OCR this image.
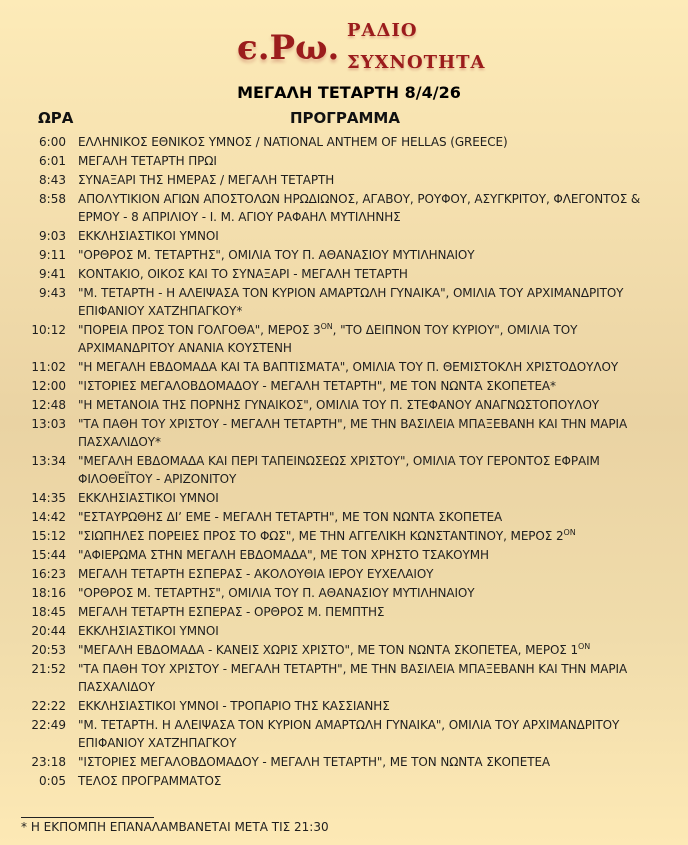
ϵ.Ρω. ΡΑΔΙΟ
ΣΥΧΝΟΤΗΤΑ
ΜΕΓΑΛΗ ΤΕΤΑΡΤΗ 8/4/26
ΩΡΑ	ΠΡΟΓΡΑΜΜΑ
6:00 ΕΛΛΗΝΙΚΟΣ ΕΘΝΙΚΟΣ ΥΜΝΟΣ / NATIONAL ANTHEM OF HELLAS (GREECE)
6:01 ΜΕΓΑΛΗ ΤΕΤΑΡΤΗ ΠΡΩΙ
8:43 ΣΥΝΑΞΑΡΙ ΤΗΣ ΗΜΕΡΑΣ / ΜΕΓΑΛΗ ΤΕΤΑΡΤΗ
8:58 ΑΠΟΛΥΤΙΚΙΟΝ ΑΓΙΩΝ ΑΠΟΣΤΟΛΩΝ ΗΡΩΔΙΩΝΟΣ, ΑΓΑΒΟΥ, ΡΟΥΦΟΥ, ΑΣΥΓΚΡΙΤΟΥ, ΦΛΕΓΟΝΤΟΣ & ΕΡΜΟΥ - 8 ΑΠΡΙΛΙΟΥ - Ι. Μ. ΑΓΙΟΥ ΡΑΦΑΗΛ ΜΥΤΙΛΗΝΗΣ
9:03 ΕΚΚΛΗΣΙΑΣΤΙΚΟΙ ΥΜΝΟΙ
9:11 "ΟΡΘΡΟΣ Μ. ΤΕΤΑΡΤΗΣ", ΟΜΙΛΙΑ ΤΟΥ Π. ΑΘΑΝΑΣΙΟΥ ΜΥΤΙΛΗΝΑΙΟΥ
9:41 ΚΟΝΤΑΚΙΟ, ΟΙΚΟΣ ΚΑΙ ΤΟ ΣΥΝΑΞΑΡΙ - ΜΕΓΑΛΗ ΤΕΤΑΡΤΗ
9:43 "Μ. ΤΕΤΑΡΤΗ - Η ΑΛΕΙΨΑΣΑ ΤΟΝ ΚΥΡΙΟΝ ΑΜΑΡΤΩΛΗ ΓΥΝΑΙΚΑ", ΟΜΙΛΙΑ ΤΟΥ ΑΡΧΙΜΑΝΔΡΙΤΟΥ ΕΠΙΦΑΝΙΟΥ ΧΑΤΖΗΠΑΓΚΟΥ*
10:12 "ΠΟΡΕΙΑ ΠΡΟΣ ΤΟΝ ΓΟΛΓΟΘΑ", ΜΕΡΟΣ $3^{ON}$, "ΤΟ ΔΕΙΠΝΟΝ ΤΟΥ ΚΥΡΙΟΥ", ΟΜΙΛΙΑ ΤΟΥ ΑΡΧΙΜΑΝΔΡΙΤΟΥ ΑΝΑΝΙΑ ΚΟΥΣΤΕΝΗ
11:02 "Η ΜΕΓΑΛΗ ΕΒΔΟΜΑΔΑ ΚΑΙ ΤΑ ΒΑΠΤΙΣΜΑΤΑ", ΟΜΙΛΙΑ ΤΟΥ Π. ΘΕΜΙΣΤΟΚΛΗ ΧΡΙΣΤΟΔΟΥΛΟΥ
12:00 "ΙΣΤΟΡΙΕΣ ΜΕΓΑΛΟΒΔΟΜΑΔΟΥ - ΜΕΓΑΛΗ ΤΕΤΑΡΤΗ", ΜΕ ΤΟΝ ΝΩΝΤΑ ΣΚΟΠΕΤΕΑ*
12:48 "Η ΜΕΤΑΝΟΙΑ ΤΗΣ ΠΟΡΝΗΣ ΓΥΝΑΙΚΟΣ", ΟΜΙΛΙΑ ΤΟΥ Π. ΣΤΕΦΑΝΟΥ ΑΝΑΓΝΩΣΤΟΠΟΥΛΟΥ
13:03 "ΤΑ ΠΑΘΗ ΤΟΥ ΧΡΙΣΤΟΥ - ΜΕΓΑΛΗ ΤΕΤΑΡΤΗ", ΜΕ ΤΗΝ ΒΑΣΙΛΕΙΑ ΜΠΑΞΕΒΑΝΗ ΚΑΙ ΤΗΝ ΜΑΡΙΑ ΠΑΣΧΑΛΙΔΟΥ*
13:34 "ΜΕΓΑΛΗ ΕΒΔΟΜΑΔΑ ΚΑΙ ΠΕΡΙ ΤΑΠΕΙΝΩΣΕΩΣ ΧΡΙΣΤΟΥ", ΟΜΙΛΙΑ ΤΟΥ ΓΕΡΟΝΤΟΣ ΕΦΡΑΙΜ ΦΙΛΟΘΕΪΤΟΥ - ΑΡΙΖΟΝΙΤΟΥ
14:35 ΕΚΚΛΗΣΙΑΣΤΙΚΟΙ ΥΜΝΟΙ
14:42 "ΕΣΤΑΥΡΩΘΗΣ ΔΙʼ ΕΜΕ - ΜΕΓΑΛΗ ΤΕΤΑΡΤΗ", ΜΕ ΤΟΝ ΝΩΝΤΑ ΣΚΟΠΕΤΕΑ
15:12 "ΣΙΩΠΗΛΕΣ ΠΟΡΕΙΕΣ ΠΡΟΣ ΤΟ ΦΩΣ", ΜΕ ΤΗΝ ΑΓΓΕΛΙΚΗ ΚΩΝΣΤΑΝΤΙΝΟΥ, ΜΕΡΟΣ $2^{ON}$
15:44 "ΑΦΙΕΡΩΜΑ ΣΤΗΝ ΜΕΓΑΛΗ ΕΒΔΟΜΑΔΑ", ΜΕ ΤΟΝ ΧΡΗΣΤΟ ΤΣΑΚΟΥΜΗ
16:23 ΜΕΓΑΛΗ ΤΕΤΑΡΤΗ ΕΣΠΕΡΑΣ - ΑΚΟΛΟΥΘΙΑ ΙΕΡΟΥ ΕΥΧΕΛΑΙΟΥ
18:16 "ΟΡΘΡΟΣ Μ. ΤΕΤΑΡΤΗΣ", ΟΜΙΛΙΑ ΤΟΥ Π. ΑΘΑΝΑΣΙΟΥ ΜΥΤΙΛΗΝΑΙΟΥ
18:45 ΜΕΓΑΛΗ ΤΕΤΑΡΤΗ ΕΣΠΕΡΑΣ - ΟΡΘΡΟΣ Μ. ΠΕΜΠΤΗΣ
20:44 ΕΚΚΛΗΣΙΑΣΤΙΚΟΙ ΥΜΝΟΙ
20:53 "ΜΕΓΑΛΗ ΕΒΔΟΜΑΔΑ - ΚΑΝΕΙΣ ΧΩΡΙΣ ΧΡΙΣΤΟ", ΜΕ ΤΟΝ ΝΩΝΤΑ ΣΚΟΠΕΤΕΑ, ΜΕΡΟΣ $1^{ON}$
21:52 "ΤΑ ΠΑΘΗ ΤΟΥ ΧΡΙΣΤΟΥ - ΜΕΓΑΛΗ ΤΕΤΑΡΤΗ", ΜΕ ΤΗΝ ΒΑΣΙΛΕΙΑ ΜΠΑΞΕΒΑΝΗ ΚΑΙ ΤΗΝ ΜΑΡΙΑ ΠΑΣΧΑΛΙΔΟΥ
22:22 ΕΚΚΛΗΣΙΑΣΤΙΚΟΙ ΥΜΝΟΙ - ΤΡΟΠΑΡΙΟ ΤΗΣ ΚΑΣΣΙΑΝΗΣ
22:49 "Μ. ΤΕΤΑΡΤΗ. Η ΑΛΕΙΨΑΣΑ ΤΟΝ ΚΥΡΙΟΝ ΑΜΑΡΤΩΛΗ ΓΥΝΑΙΚΑ", ΟΜΙΛΙΑ ΤΟΥ ΑΡΧΙΜΑΝΔΡΙΤΟΥ ΕΠΙΦΑΝΙΟΥ ΧΑΤΖΗΠΑΓΚΟΥ
23:18 "ΙΣΤΟΡΙΕΣ ΜΕΓΑΛΟΒΔΟΜΑΔΟΥ - ΜΕΓΑΛΗ ΤΕΤΑΡΤΗ", ΜΕ ΤΟΝ ΝΩΝΤΑ ΣΚΟΠΕΤΕΑ
0:05 ΤΕΛΟΣ ΠΡΟΓΡΑΜΜΑΤΟΣ
* Η ΕΚΠΟΜΠΗ ΕΠΑΝΑΛΑΜΒΑΝΕΤΑΙ ΜΕΤΑ ΤΙΣ 21:30
